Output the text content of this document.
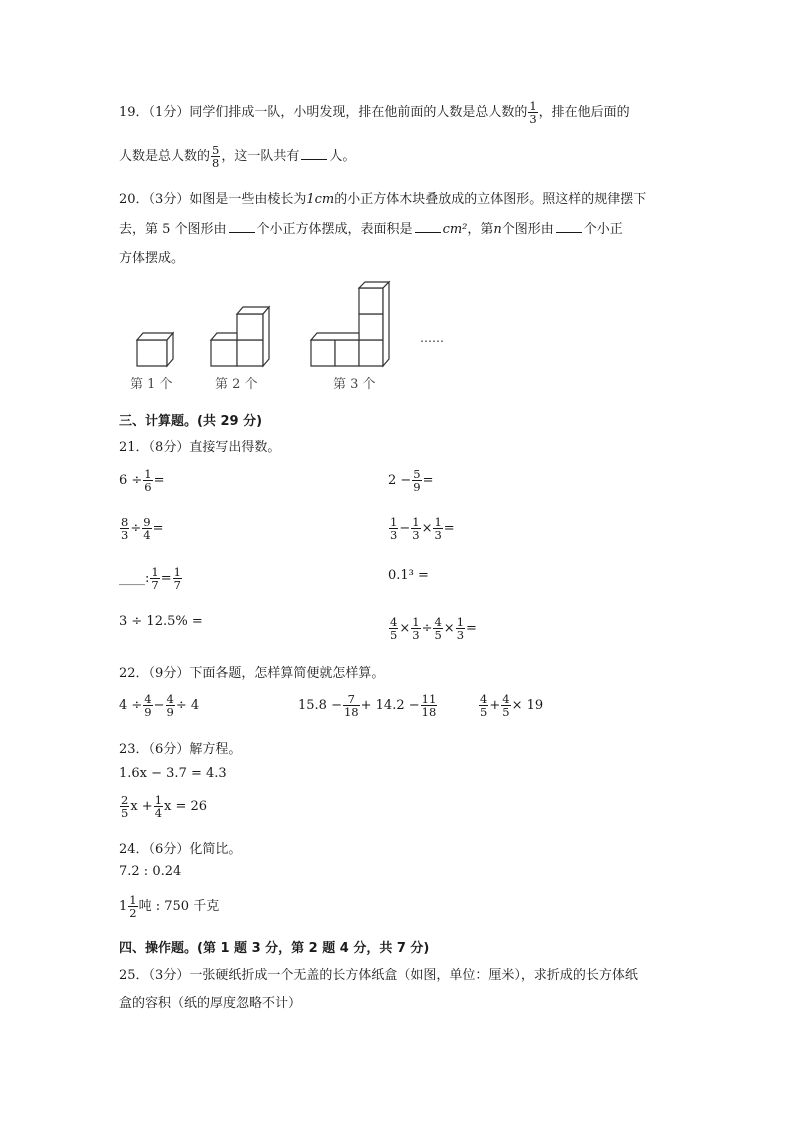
19．（1分）同学们排成一队，小明发现，排在他前面的人数是总人数的 $\frac{1}{3}$ ，排在他后面的
人数是总人数的 $\frac{5}{8}$ ，这一队共有 人。
20．（3分）如图是一些由棱长为1cm的小正方体木块叠放成的立体图形。照这样的规律摆下
去，第 5 个图形由 个小正方体摆成，表面积是 cm²，第n个图形由 个小正
方体摆成。
……
第 1 个	第 2 个	第 3 个
三、计算题。(共 29 分)
21．（8分）直接写出得数。
$6 \div \frac{1}{6}$ =	$2 - \frac{5}{9}$ =
$\frac{8}{3} \div \frac{9}{4}$ =	$\frac{1}{3} - \frac{1}{3} \times \frac{1}{3}$ =
____: $\frac{1}{7} = \frac{1}{7}$	0.1³ =
3 ÷ 12.5% =	$\frac{4}{5} \times \frac{1}{3} \div \frac{4}{5} \times \frac{1}{3}$ =
22．（9分）下面各题，怎样算简便就怎样算。
$4 \div \frac{4}{9} - \frac{4}{9} \div 4$	$15.8 - \frac{7}{18} + 14.2 - \frac{11}{18}$	$\frac{4}{5} + \frac{4}{5} \times 19$
23．（6分）解方程。
1.6x − 3.7 = 4.3
$\frac{2}{5}$ $x + \frac{1}{4}$ x = 26
24．（6分）化简比。
7.2 : 0.24
$1 \frac{1}{2}$ 吨 : 750 千克
四、操作题。(第 1 题 3 分，第 2 题 4 分，共 7 分)
25．（3分）一张硬纸折成一个无盖的长方体纸盒（如图，单位：厘米），求折成的长方体纸
盒的容积（纸的厚度忽略不计）
